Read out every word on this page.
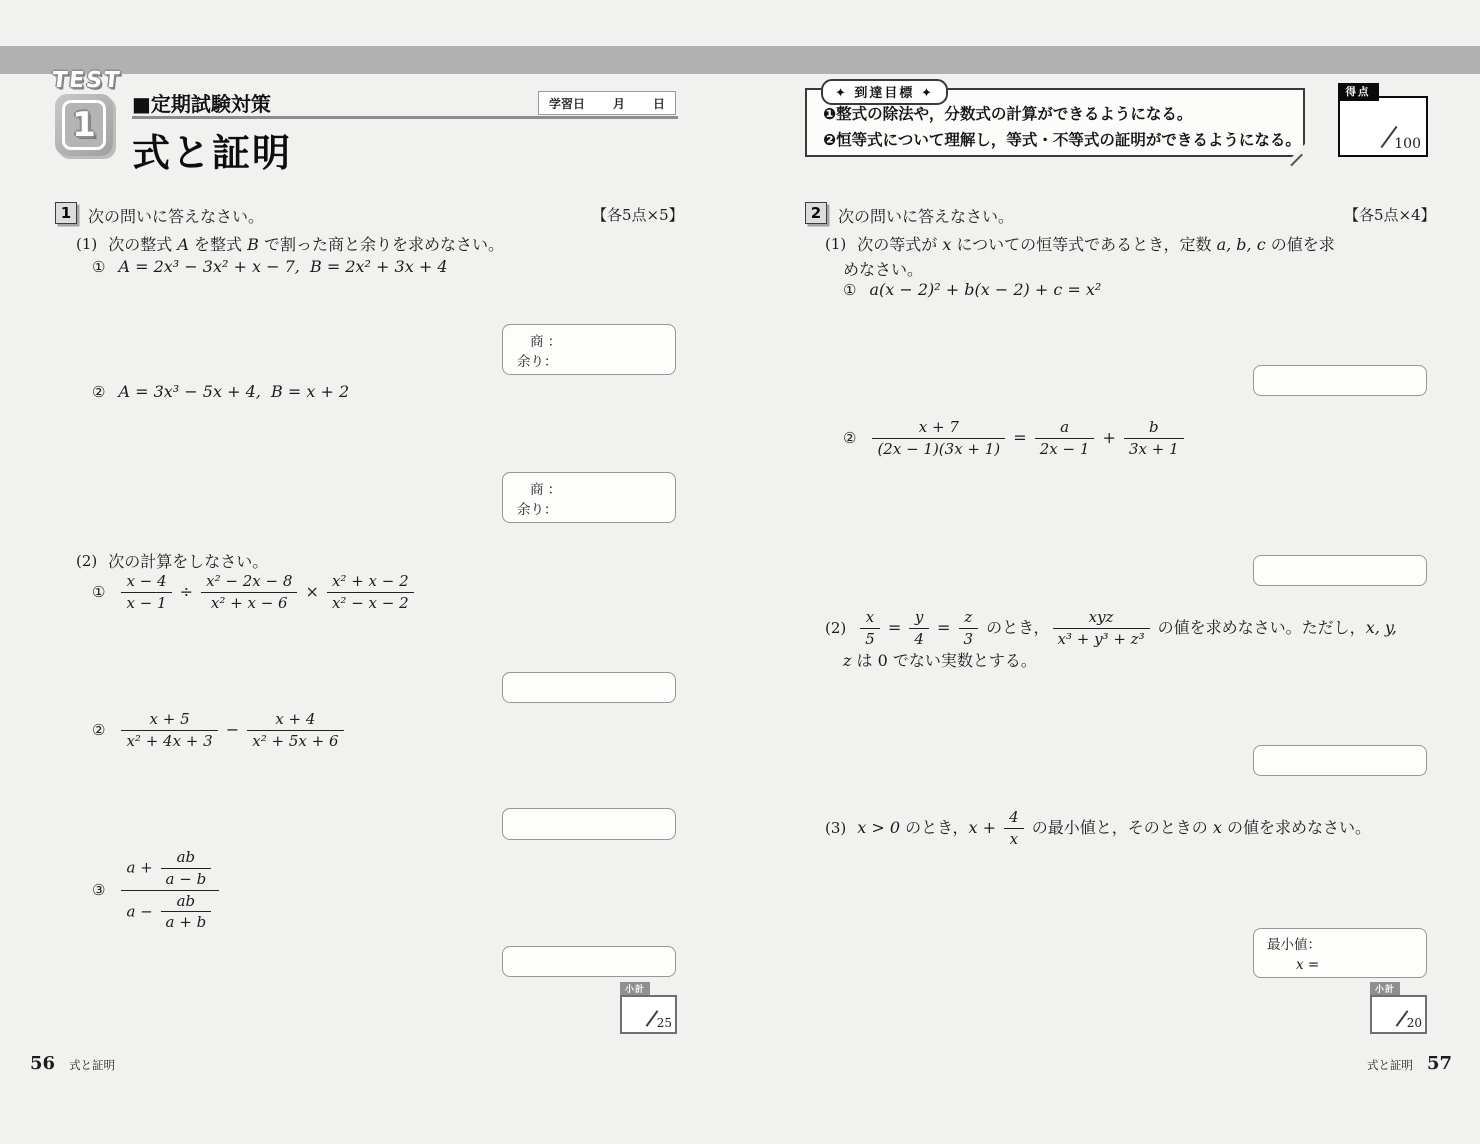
TEST
1
■定期試験対策
式と証明
学習日 月 日
✦ 到達目標 ✦
❶整式の除法や，分数式の計算ができるようになる。
❷恒等式について理解し，等式・不等式の証明ができるようになる。
得点
100
1	次の問いに答えなさい。	【各5点×5】
(1) 次の整式 A を整式 B で割った商と余りを求めなさい。
① A = 2x³ − 3x² + x − 7,  B = 2x² + 3x + 4
商 ：
余り：
② A = 3x³ − 5x + 4,  B = x + 2
商 ：
余り：
(2) 次の計算をしなさい。
① $\frac{x - 4}{x - 1} \div \frac{\text{x² − 2x − 8}}{\text{x² + x − 6}} \times \frac{\text{x² + x − 2}}{\text{x² − x − 2}}$
② $\frac{x + 5}{\text{x² + 4x + 3}} - \frac{x + 4}{\text{x² + 5x + 6}}$
③ $\frac{a + \frac{ab}{a - b}}{a - \frac{ab}{a + b}}$
小計
25
2	次の問いに答えなさい。	【各5点×4】
(1) 次の等式が x についての恒等式であるとき，定数 a, b, c の値を求
めなさい。
① a(x − 2)² + b(x − 2) + c = x²
② $\frac{x + 7}{(2x - 1)(3x + 1)} = \frac{a}{2x - 1} + \frac{b}{3x + 1}$
$(2) \frac{x}{5} = \frac{y}{4} = \frac{z}{3}$ のとき， $\frac{\text{xyz}}{\text{x³ + y³ + z³}}$ の値を求めなさい。ただし，x, y,
z は 0 でない実数とする。
(3) x > 0 のとき，$x + \frac{4}{x}$ の最小値と，そのときの x の値を求めなさい。
最小値：
x =
小計
20
56 式と証明	式と証明 57
